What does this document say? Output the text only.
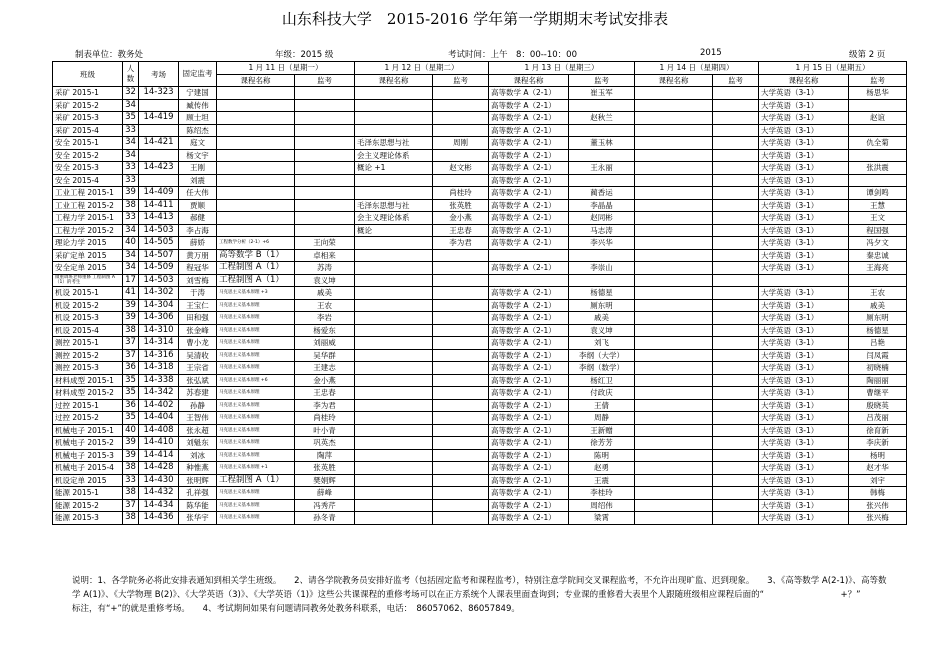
山东科技大学　2015-2016 学年第一学期期末考试安排表
制表单位：教务处	年级：2015 级	考试时间：上午　8：00--10：00	2015	级第 2 页
班级	人数	考场	固定监考	1 月 11 日（星期一）		1 月 12 日（星期二）		1 月 13 日（星期三）		1 月 14 日（星期四）		1 月 15 日（星期五）	
				课程名称	监考	课程名称	监考	课程名称	监考	课程名称	监考	课程名称	监考
采矿 2015-1	32	14-323	宁建国					高等数学 A（2-1）	崔玉军			大学英语（3-1）	杨思华
采矿 2015-2	34		臧传伟					高等数学 A（2-1）				大学英语（3-1）	
采矿 2015-3	35	14-419	顾士坦					高等数学 A（2-1）	赵秋兰			大学英语（3-1）	赵谊
采矿 2015-4	33		陈绍杰					高等数学 A（2-1）				大学英语（3-1）	
安全 2015-1	34	14-421	庭文			毛泽东思想与社	周刚	高等数学 A（2-1）	董玉林			大学英语（3-1）	仇全菊
安全 2015-2	34		杨文宇			会主义理论体系		高等数学 A（2-1）				大学英语（3-1）	
安全 2015-3	33	14-423	王刚			概论 +1	赵文彬	高等数学 A（2-1）	王永丽			大学英语（3-1）	张洪震
安全 2015-4	33		刘震					高等数学 A（2-1）				大学英语（3-1）	
工业工程 2015-1	39	14-409	任大伟				尚桂玲	高等数学 A（2-1）	蔺香运			大学英语（3-1）	谭剑鸣
工业工程 2015-2	38	14-411	贾顺			毛泽东思想与社	张英胜	高等数学 A（2-1）	李晶晶			大学英语（3-1）	王慧
工程力学 2015-1	33	14-413	郝健			会主义理论体系	金小燕	高等数学 A（2-1）	赵同彬			大学英语（3-1）	王文
工程力学 2015-2	34	14-503	李占海			概论	王忠春	高等数学 A（2-1）	马志涛			大学英语（3-1）	程国强
理论力学 2015	40	14-505	薛娇	工程数学分析（2-1）+6	王向荣		李为君	高等数学 A（2-1）	李兴华			大学英语（3-1）	冯夕文
采矿定单 2015	34	14-507	黄万朋	高等数学 B（1）	卓相来							大学英语（3-1）	秦忠诚
安全定单 2015	34	14-509	程冠华	工程制图 A（1）	苏涛			高等数学 A（2-1）	李崇山			大学英语（3-1）	王海亮
微重调班老师重修 工程制图 A（1）的考生	17	14-503	刘雪梅	工程制图 A（1）	袁义坤								
机设 2015-1	41	14-302	于涛	马克思主义基本原理 +3	戚美			高等数学 A（2-1）	杨德星			大学英语（3-1）	王农
机设 2015-2	39	14-304	王宝仁	马克思主义基本原理	王农			高等数学 A（2-1）	厕东明			大学英语（3-1）	戚美
机设 2015-3	39	14-306	田和强	马克思主义基本原理	李岩			高等数学 A（2-1）	戚美			大学英语（3-1）	厕东明
机设 2015-4	38	14-310	张金峰	马克思主义基本原理	杨爱东			高等数学 A（2-1）	袁义坤			大学英语（3-1）	杨德星
测控 2015-1	37	14-314	曹小龙	马克思主义基本原理	刘丽威			高等数学 A（2-1）	刘飞			大学英语（3-1）	吕艳
测控 2015-2	37	14-316	吴清收	马克思主义基本原理	吴华群			高等数学 A（2-1）	李纲（大学）			大学英语（3-1）	闫凤霞
测控 2015-3	36	14-318	王宗省	马克思主义基本原理	王建志			高等数学 A（2-1）	李纲（数学）			大学英语（3-1）	初晓楠
材料成型 2015-1	35	14-338	张弘斌	马克思主义基本原理 +6	金小燕			高等数学 A（2-1）	杨红卫			大学英语（3-1）	陶丽丽
材料成型 2015-2	35	14-342	苏春建	马克思主义基本原理	王忠春			高等数学 A（2-1）	付政庆			大学英语（3-1）	曹继平
过控 2015-1	36	14-402	孙静	马克思主义基本原理	李为君			高等数学 A（2-1）	王倩			大学英语（3-1）	殷晓英
过控 2015-2	35	14-404	王智伟	马克思主义基本原理	尚桂玲			高等数学 A（2-1）	周静			大学英语（3-1）	吕茂丽
机械电子 2015-1	40	14-408	张永超	马克思主义基本原理	叶小青			高等数学 A（2-1）	王新赠			大学英语（3-1）	徐育新
机械电子 2015-2	39	14-410	刘魁东	马克思主义基本原理	巩英杰			高等数学 A（2-1）	徐芳芳			大学英语（3-1）	李庆新
机械电子 2015-3	39	14-414	刘冰	马克思主义基本原理	陶萍			高等数学 A（2-1）	陈明			大学英语（3-1）	杨明
机械电子 2015-4	38	14-428	种惟燕	马克思主义基本原理 +1	张英胜			高等数学 A（2-1）	赵勇			大学英语（3-1）	赵才华
机设定单 2015	33	14-430	张明辉	工程制图 A（1）	樊娟辉			高等数学 A（2-1）	王震			大学英语（3-1）	刘宇
能源 2015-1	38	14-432	孔祥强	马克思主义基本原理	薛峰			高等数学 A（2-1）	李桂玲			大学英语（3-1）	韩梅
能源 2015-2	37	14-434	陈华能	马克思主义基本原理	冯秀芹			高等数学 A（2-1）	周绍伟			大学英语（3-1）	张兴伟
能源 2015-3	38	14-436	张华宇	马克思主义基本原理	孙冬青			高等数学 A（2-1）	梁霄			大学英语（3-1）	张兴梅
说明：1、各学院务必将此安排表通知到相关学生班级。　　2、请各学院教务员安排好监考（包括固定监考和课程监考），特别注意学院间交叉课程监考，不允许出现旷监、迟到现象。　　3、《高等数学 A(2-1)》、高等数
学 A(1)》、《大学物理 B(2)》、《大学英语（3)》、《大学英语（1)》这些公共课课程的重修考场可以在正方系统个人课表里面查询到；专业课的重修看大表里个人跟随班级相应课程后面的“　　　　　　　　　+？”
标注，有“+”的就是重修考场。　　4、考试期间如果有问题请同教务处教务科联系，电话：　86057062、86057849。
